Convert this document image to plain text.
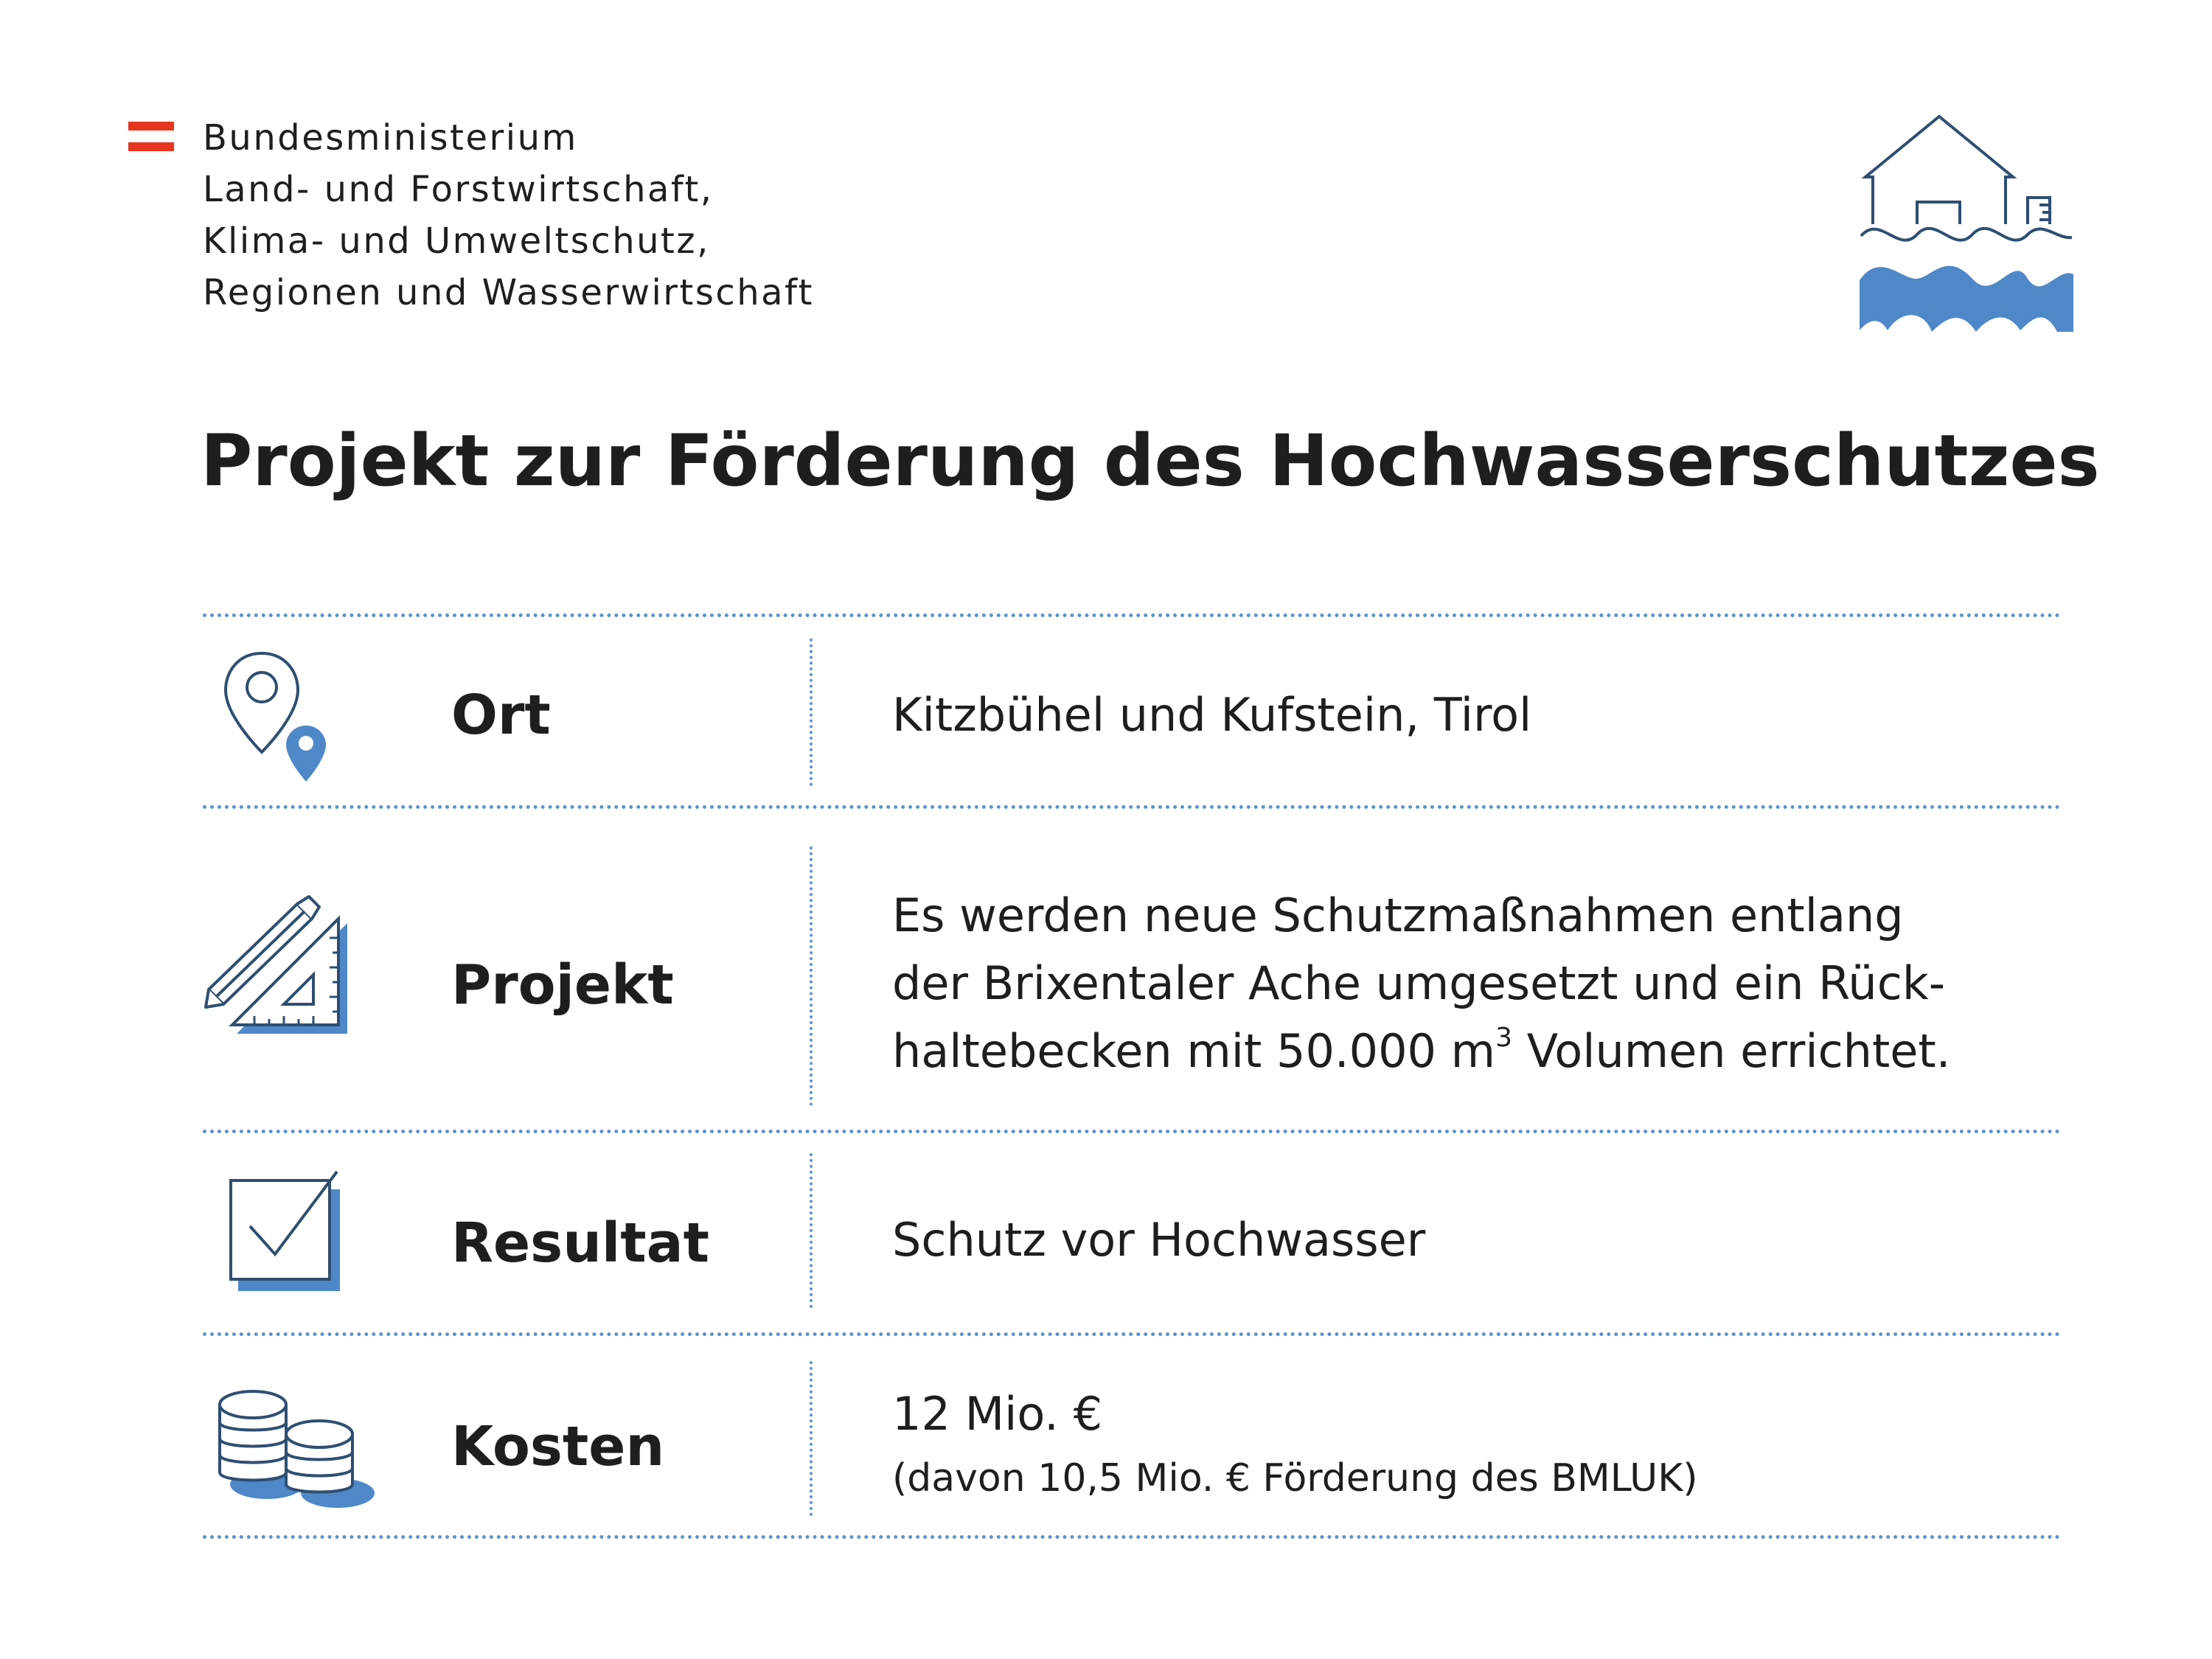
Bundesministerium

Land- und Forstwirtschaft,

Klima- und Umweltschutz,

Regionen und Wasserwirtschaft

Projekt zur Förderung des Hochwasserschutzes

Ort	Kitzbühel und Kufstein, Tirol

Projekt

Es werden neue Schutzmaßnahmen entlang

der Brixentaler Ache umgesetzt und ein Rück-

haltebecken mit 50.000 $m^3$ Volumen errichtet.

Resultat	Schutz vor Hochwasser

Kosten

12 Mio. €

(davon 10,5 Mio. € Förderung des BMLUK)
